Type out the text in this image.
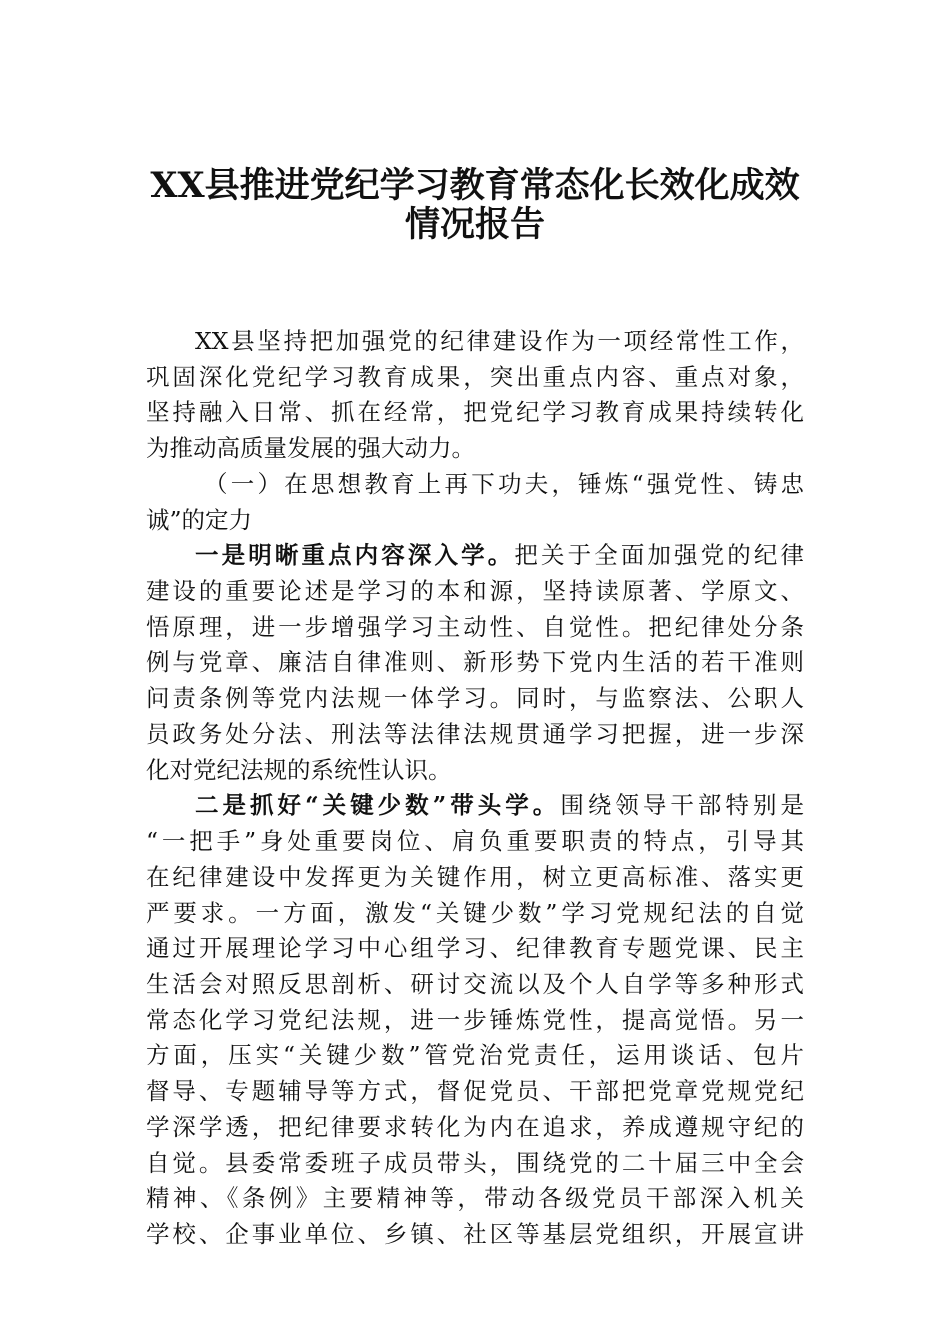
XX县推进党纪学习教育常态化长效化成效
情况报告
XX县坚持把加强党的纪律建设作为一项经常性工作，
巩固深化党纪学习教育成果，突出重点内容、重点对象，
坚持融入日常、抓在经常，把党纪学习教育成果持续转化
为推动高质量发展的强大动力。
（一）在思想教育上再下功夫，锤炼“强党性、铸忠
诚”的定力
一是明晰重点内容深入学。把关于全面加强党的纪律
建设的重要论述是学习的本和源，坚持读原著、学原文、
悟原理，进一步增强学习主动性、自觉性。把纪律处分条
例与党章、廉洁自律准则、新形势下党内生活的若干准则
问责条例等党内法规一体学习。同时，与监察法、公职人
员政务处分法、刑法等法律法规贯通学习把握，进一步深
化对党纪法规的系统性认识。
二是抓好“关键少数”带头学。围绕领导干部特别是
“一把手”身处重要岗位、肩负重要职责的特点，引导其
在纪律建设中发挥更为关键作用，树立更高标准、落实更
严要求。一方面，激发“关键少数”学习党规纪法的自觉
通过开展理论学习中心组学习、纪律教育专题党课、民主
生活会对照反思剖析、研讨交流以及个人自学等多种形式
常态化学习党纪法规，进一步锤炼党性，提高觉悟。另一
方面，压实“关键少数”管党治党责任，运用谈话、包片
督导、专题辅导等方式，督促党员、干部把党章党规党纪
学深学透，把纪律要求转化为内在追求，养成遵规守纪的
自觉。县委常委班子成员带头，围绕党的二十届三中全会
精神、《条例》主要精神等，带动各级党员干部深入机关
学校、企事业单位、乡镇、社区等基层党组织，开展宣讲
